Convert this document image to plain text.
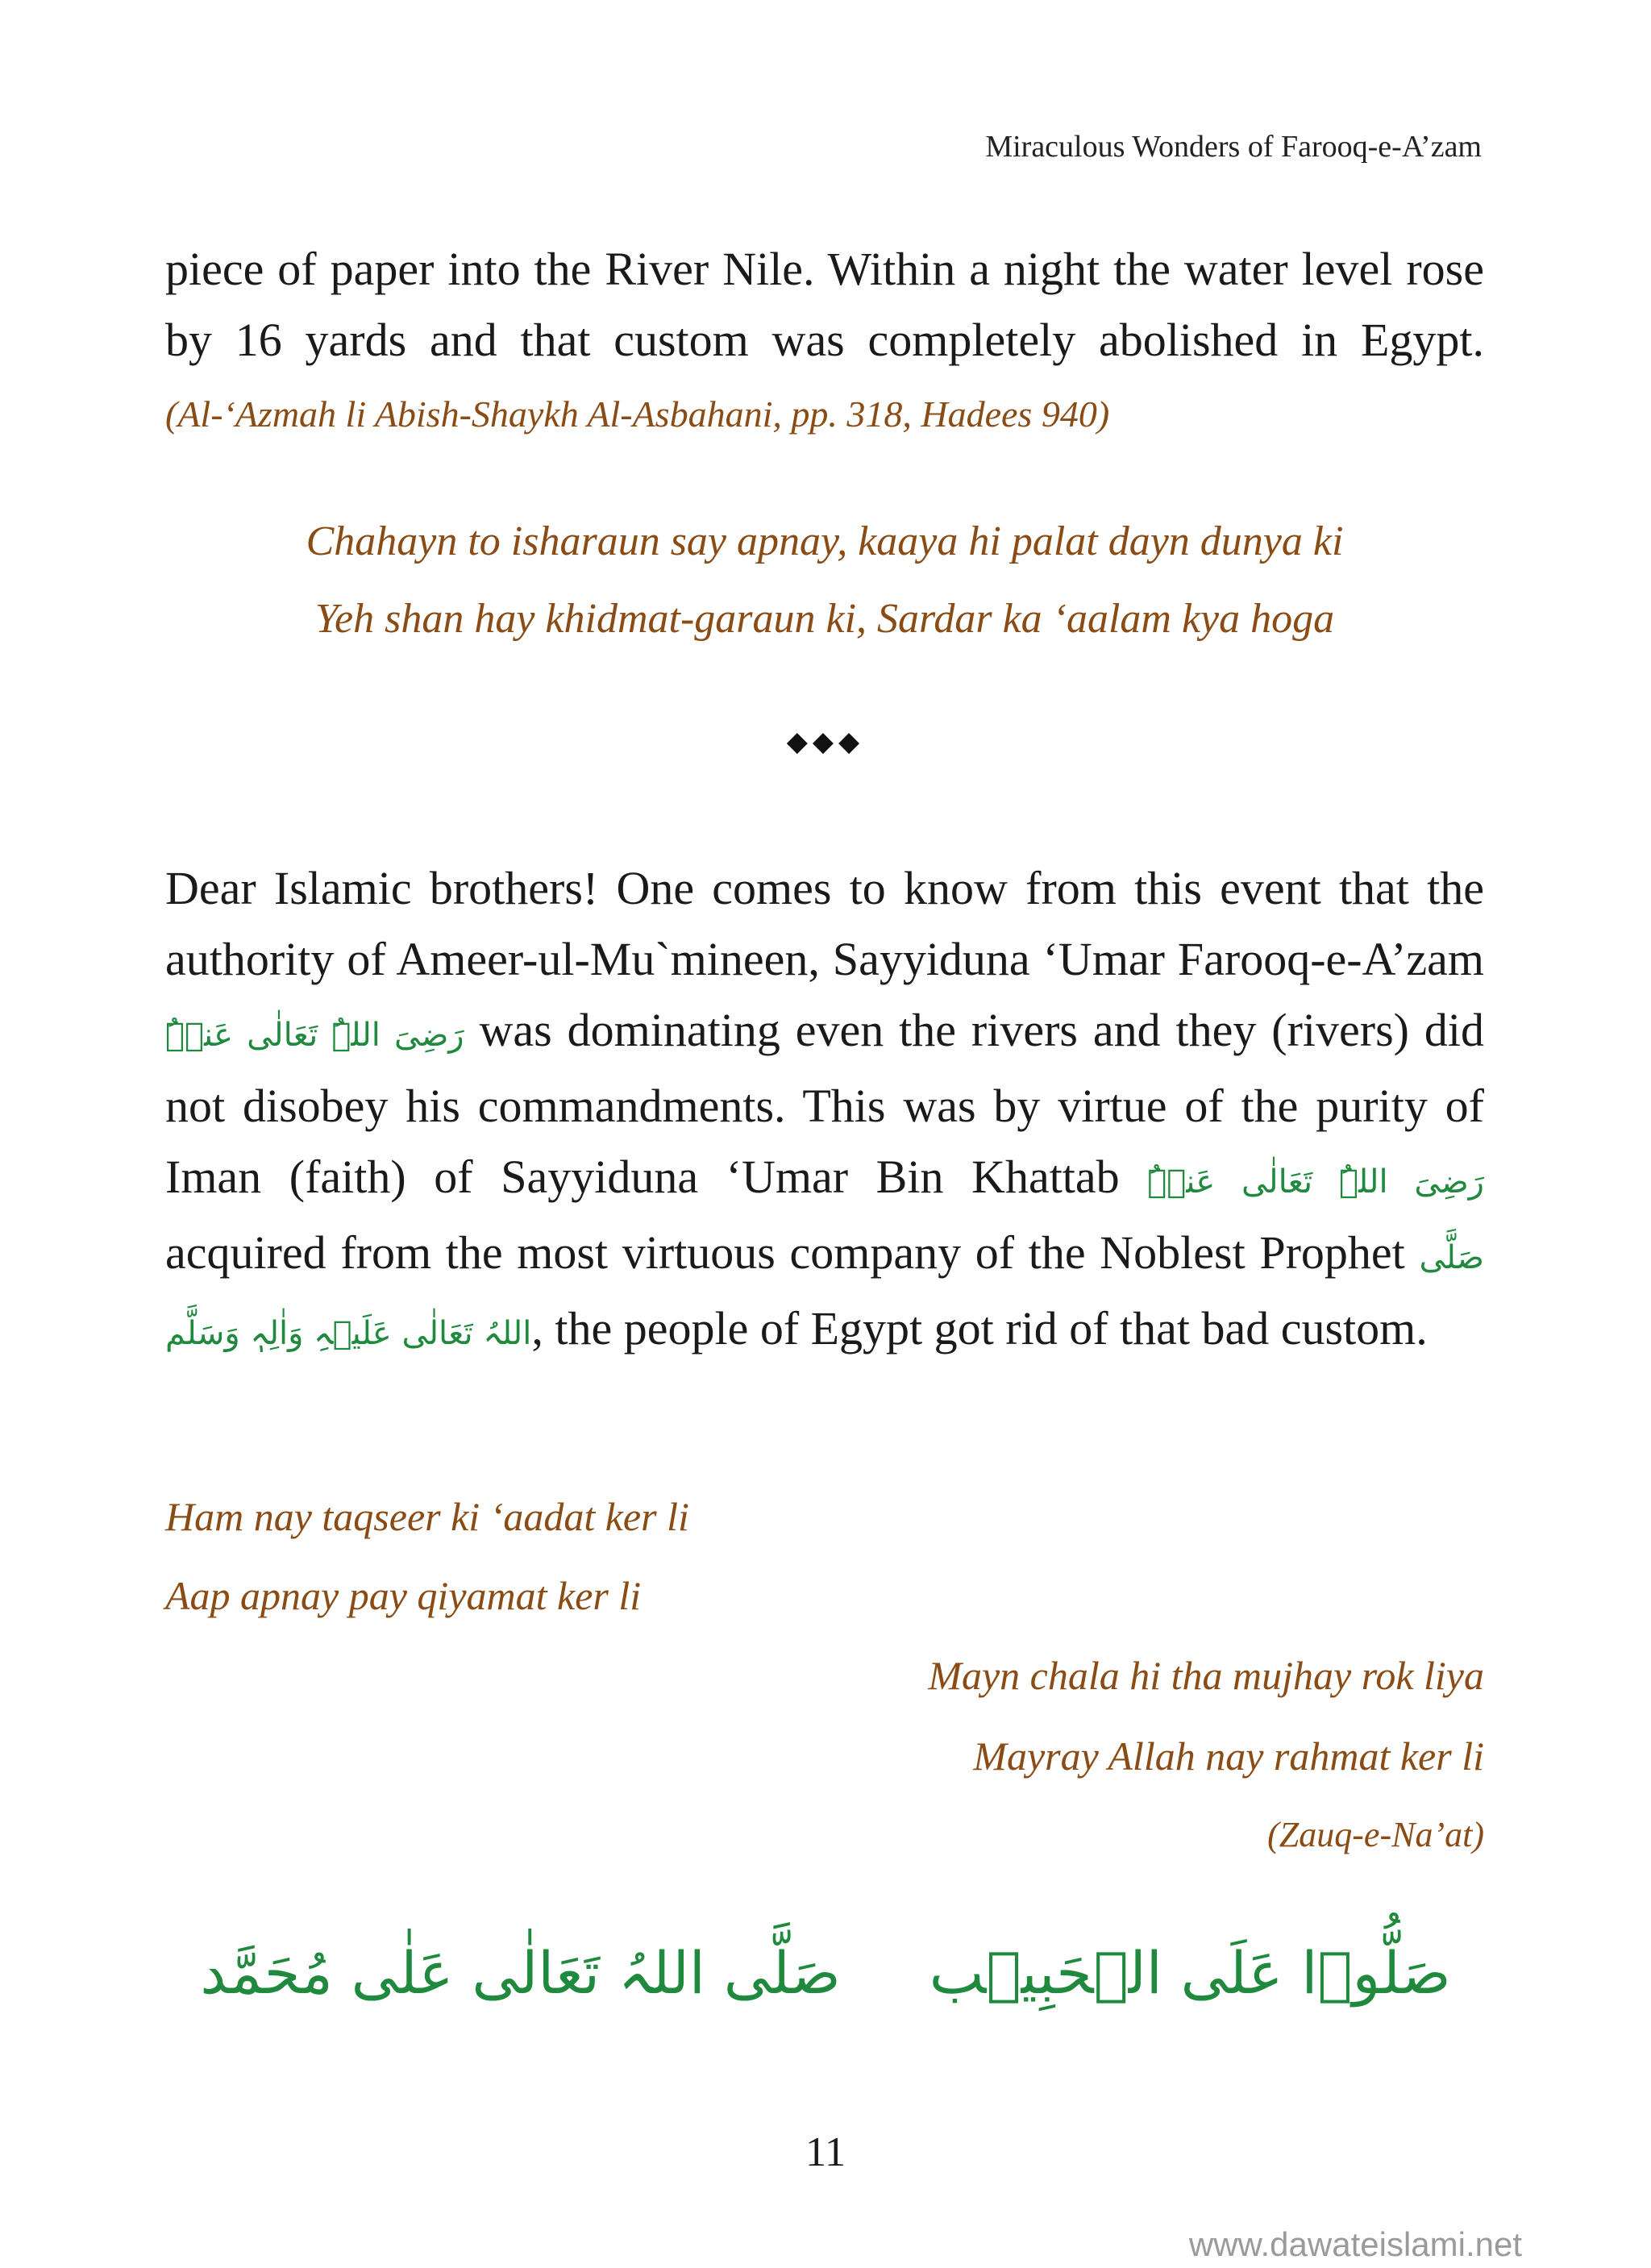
Miraculous Wonders of Farooq-e-A’zam
piece of paper into the River Nile. Within a night the water level rose by 16 yards and that custom was completely abolished in Egypt. (Al-‘Azmah li Abish-Shaykh Al-Asbahani, pp. 318, Hadees 940)
Chahayn to isharaun say apnay, kaaya hi palat dayn dunya ki
Yeh shan hay khidmat-garaun ki, Sardar ka ‘aalam kya hoga
◆◆◆
Dear Islamic brothers! One comes to know from this event that the authority of Ameer-ul-Mu`mineen, Sayyiduna ‘Umar Farooq-e-A’zam رَضِیَ اللہُ تَعَالٰی عَنۡہُ was dominating even the rivers and they (rivers) did not disobey his commandments. This was by virtue of the purity of Iman (faith) of Sayyiduna ‘Umar Bin Khattab رَضِیَ اللہُ تَعَالٰی عَنۡہُ acquired from the most virtuous company of the Noblest Prophet صَلَّی اللہُ تَعَالٰی عَلَیۡہِ وَاٰلِہٖ وَسَلَّم, the people of Egypt got rid of that bad custom.
Ham nay taqseer ki ‘aadat ker li
Aap apnay pay qiyamat ker li
Mayn chala hi tha mujhay rok liya
Mayray Allah nay rahmat ker li
(Zauq-e-Na’at)
صَلُّوۡا عَلَی الۡحَبِیۡب
صَلَّی اللہُ تَعَالٰی عَلٰی مُحَمَّد
11
www.dawateislami.net
